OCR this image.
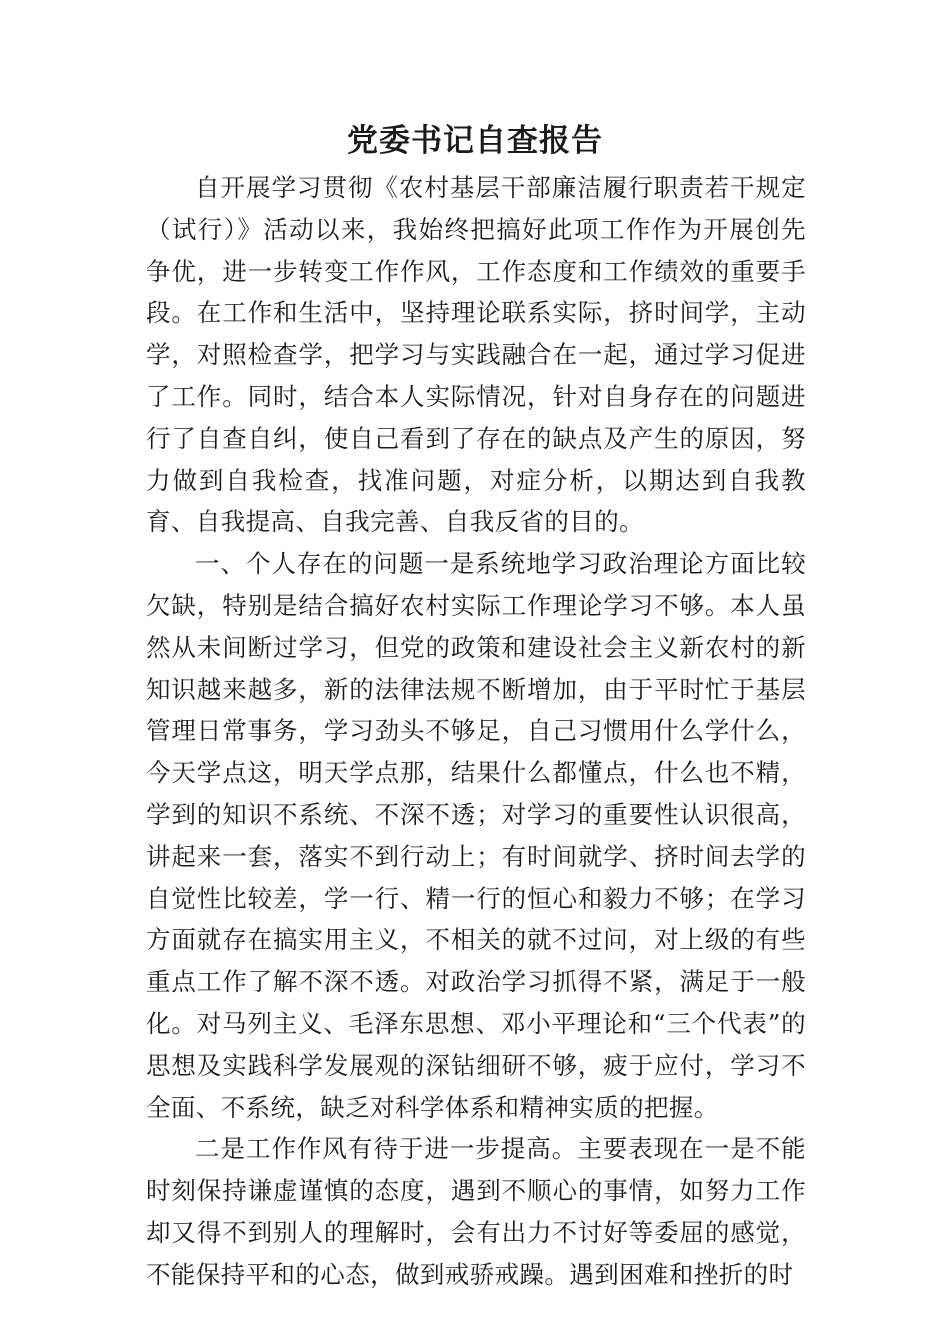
党委书记自查报告

自开展学习贯彻《农村基层干部廉洁履行职责若干规定（试行）》活动以来，我始终把搞好此项工作作为开展创先争优，进一步转变工作作风，工作态度和工作绩效的重要手段。在工作和生活中，坚持理论联系实际，挤时间学，主动学，对照检查学，把学习与实践融合在一起，通过学习促进了工作。同时，结合本人实际情况，针对自身存在的问题进行了自查自纠，使自己看到了存在的缺点及产生的原因，努力做到自我检查，找准问题，对症分析，以期达到自我教育、自我提高、自我完善、自我反省的目的。

一、个人存在的问题一是系统地学习政治理论方面比较欠缺，特别是结合搞好农村实际工作理论学习不够。本人虽然从未间断过学习，但党的政策和建设社会主义新农村的新知识越来越多，新的法律法规不断增加，由于平时忙于基层管理日常事务，学习劲头不够足，自己习惯用什么学什么，今天学点这，明天学点那，结果什么都懂点，什么也不精，学到的知识不系统、不深不透；对学习的重要性认识很高，讲起来一套，落实不到行动上；有时间就学、挤时间去学的自觉性比较差，学一行、精一行的恒心和毅力不够；在学习方面就存在搞实用主义，不相关的就不过问，对上级的有些重点工作了解不深不透。对政治学习抓得不紧，满足于一般化。对马列主义、毛泽东思想、邓小平理论和“三个代表”的思想及实践科学发展观的深钻细研不够，疲于应付，学习不全面、不系统，缺乏对科学体系和精神实质的把握。

二是工作作风有待于进一步提高。主要表现在一是不能时刻保持谦虚谨慎的态度，遇到不顺心的事情，如努力工作却又得不到别人的理解时，会有出力不讨好等委屈的感觉，不能保持平和的心态，做到戒骄戒躁。遇到困难和挫折的时
